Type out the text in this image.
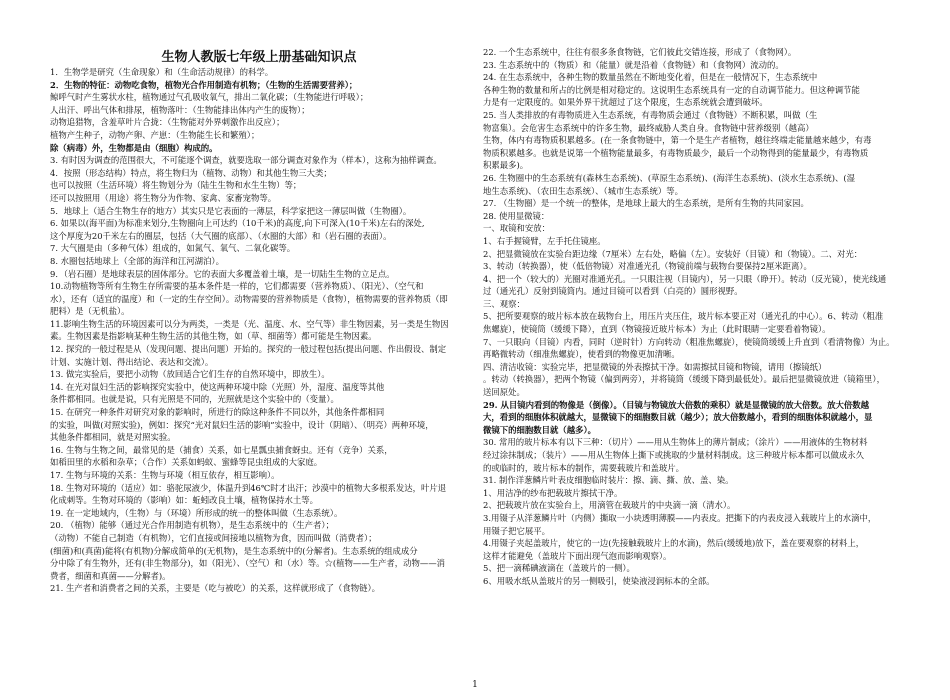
生物人教版七年级上册基础知识点
1．生物学是研究（生命现象）和（生命活动规律）的科学。
2．生物的特征：动物吃食物，植物光合作用制造有机物；（生物的生活需要营养）；
鲸呼气时产生雾状水柱，植物通过气孔吸收氧气，排出二氧化碳；（生物能进行呼吸）；
人出汗、呼出气体和排尿，植物落叶：（生物能排出体内产生的废物）；
动物追猎物，含羞草叶片合拢：（生物能对外界刺激作出反应）；
植物产生种子，动物产卵、产崽：（生物能生长和繁殖）；
除（病毒）外，生物都是由（细胞）构成的。
3. 有时因为调查的范围很大，不可能逐个调查，就要选取一部分调查对象作为（样本），这称为抽样调查。
4．按照（形态结构）特点，将生物归为（植物、动物）和其他生物三大类；
也可以按照（生活环境）将生物划分为（陆生生物和水生生物）等；
还可以按照用（用途）将生物分为作物、家禽、家畜宠物等。
5．地球上（适合生物生存的地方）其实只是它表面的一薄层，科学家把这一薄层叫做（生物圈）。
6. 如果以(海平面)为标准来划分,生物圈向上可达约（10千米)的高度,向下可深入(10千米)左右的深处,
这个厚度为20千米左右的圈层，包括（大气圈的底部）、（水圈的大部）和（岩石圈的表面）。
7. 大气圈是由（多种气体）组成的，如氮气、氧气、二氧化碳等。
8. 水圈包括地球上（全部的海洋和江河湖泊）。
9．（岩石圈）是地球表层的固体部分。它的表面大多覆盖着土壤，是一切陆生生物的立足点。
10.动物植物等所有生物生存所需要的基本条件是一样的，它们都需要（营养物质）、（阳光）、（空气和
水），还有（适宜的温度）和（一定的生存空间）。动物需要的营养物质是（食物），植物需要的营养物质（即
肥料）是（无机盐）。
11.影响生物生活的环境因素可以分为两类，一类是（光、温度、水、空气等）非生物因素，另一类是生物因
素。生物因素是指影响某种生物生活的其他生物，如（草、细菌等）都可能是生物因素。
12. 探究的一般过程是从（发现问题、提出问题）开始的。探究的一般过程包括(提出问题、作出假设、制定
计划、实施计划、得出结论、表达和交流）。
13. 做完实验后，要把小动物（放回适合它们生存的自然环境中，即放生）。
14. 在光对鼠妇生活的影响探究实验中，使这两种环境中除（光照）外，湿度、温度等其他
条件都相同。也就是说，只有光照是不同的，光照就是这个实验中的（变量）。
15. 在研究一种条件对研究对象的影响时，所进行的除这种条件不同以外，其他条件都相同
的实验，叫做(对照实验)，例如：探究“光对鼠妇生活的影响”实验中，设计（阴暗）、（明亮）两种环境，
其他条件都相同，就是对照实验。
16. 生物与生物之间，最常见的是（捕食）关系，如七星瓢虫捕食蚜虫。还有（竞争）关系，
如稻田里的水稻和杂草；（合作）关系如蚂蚁、蜜蜂等昆虫组成的大家庭。
17. 生物与环境的关系：生物与环境（相互依存，相互影响）。
18. 生物对环境的（适应）如：骆驼尿液少，体温升到46℃时才出汗；沙漠中的植物大多根系发达，叶片退
化成刺等。生物对环境的（影响）如：蚯蚓改良土壤，植物保持水土等。
19. 在一定地域内，（生物）与（环境）所形成的统一的整体叫做（生态系统）。
20. （植物）能够（通过光合作用制造有机物），是生态系统中的（生产者）；
（动物）不能自己制造（有机物），它们直接或间接地以植物为食，因而叫做（消费者）；
(细菌)和(真菌)能将(有机物)分解成简单的(无机物)，是生态系统中的(分解者)。生态系统的组成成分
分中除了有生物外，还有(非生物部分)，如（阳光）、（空气）和（水）等。☆(植物——生产者，动物——消
费者，细菌和真菌——分解者)。
21. 生产者和消费者之间的关系，主要是（吃与被吃）的关系，这样就形成了（食物链）。
22. 一个生态系统中，往往有很多条食物链，它们彼此交错连接，形成了（食物网）。
23. 生态系统中的（物质）和（能量）就是沿着（食物链）和（食物网）流动的。
24. 在生态系统中，各种生物的数量虽然在不断地变化着，但是在一般情况下，生态系统中
各种生物的数量和所占的比例是相对稳定的。这说明生态系统具有一定的自动调节能力。但这种调节能
力是有一定限度的。如果外界干扰超过了这个限度，生态系统就会遭到破坏。
25. 当人类排放的有毒物质进入生态系统，有毒物质会通过（食物链）不断积累，叫做（生
物富集）。会危害生态系统中的许多生物，最终威胁人类自身。食物链中营养级别（越高）
生物，体内有毒物质积累越多。(在一条食物链中，第一个是生产者植物，越往终端走能量越来越少，有毒
物质积累越多。也就是说第一个植物能量最多，有毒物质最少，最后一个动物得到的能量最少，有毒物质
积累最多)。
26. 生物圈中的生态系统有(森林生态系统)、(草原生态系统)、(海洋生态系统)、(淡水生态系统)、(湿
地生态系统)、（农田生态系统）、（城市生态系统）等。
27. （生物圈）是一个统一的整体，是地球上最大的生态系统，是所有生物的共同家园。
28. 使用显微镜：
一、取镜和安放：
1、右手握镜臂，左手托住镜座。
2、把显微镜放在实验台距边缘（7厘米）左右处，略偏（左）。安装好（目镜）和（物镜）。二、对光：
3、转动（转换器），使（低倍物镜）对准通光孔（物镜前端与载物台要保持2厘米距离）。
4、把一个（较大的）光圈对准通光孔。一只眼注视（目镜内），另一只眼（睁开）。转动（反光镜），使光线通
过（通光孔）反射到镜筒内。通过目镜可以看到（白亮的）圆形视野。
三、观察：
5、把所要观察的玻片标本放在载物台上，用压片夹压住，玻片标本要正对（通光孔的中心）。6、转动（粗准
焦螺旋），使镜筒（缓缓下降），直到（物镜接近玻片标本）为止（此时眼睛一定要看着物镜）。
7、一只眼向（目镜）内看，同时（逆时针）方向转动（粗准焦螺旋），使镜筒缓缓上升直到（看清物像）为止。
再略微转动（细准焦螺旋），使看到的物像更加清晰。
四、清洁收镜：实验完毕，把显微镜的外表擦拭干净。如需擦拭目镜和物镜，请用（擦镜纸）
。转动（转换器），把两个物镜（偏到两旁），并将镜筒（缓缓下降到最低处）。最后把显微镜放进（镜箱里），
送回原处。
29. 从目镜内看到的物像是（倒像）。（目镜与物镜放大倍数的乘积）就是显微镜的放大倍数。放大倍数越
大，看到的细胞体积就越大，显微镜下的细胞数目就（越少）；放大倍数越小，看到的细胞体积就越小，显
微镜下的细胞数目就（越多）。
30. 常用的玻片标本有以下三种：（切片）——用从生物体上的薄片制成；（涂片）——用液体的生物材料
经过涂抹制成；（装片）——用从生物体上撕下或挑取的少量材料制成。这三种玻片标本都可以做成永久
的或临时的，玻片标本的制作，需要载玻片和盖玻片。
31. 制作洋葱鳞片叶表皮细胞临时装片：擦、滴、撕、放、盖、染。
1、用洁净的纱布把载玻片擦拭干净。
2、把载玻片放在实验台上，用滴管在载玻片的中央滴一滴（清水）。
3.用镊子从洋葱鳞片叶（内侧）撕取一小块透明薄膜——内表皮。把撕下的内表皮浸入载玻片上的水滴中，
用镊子把它展平。
4.用镊子夹起盖玻片，使它的一边(先接触载玻片上的水滴)，然后(缓缓地)放下，盖在要观察的材料上，
这样才能避免（盖玻片下面出现气泡而影响观察）。
5、把一滴稀碘液滴在（盖玻片的一侧）。
6、用吸水纸从盖玻片的另一侧吸引，使染液浸润标本的全部。
1
